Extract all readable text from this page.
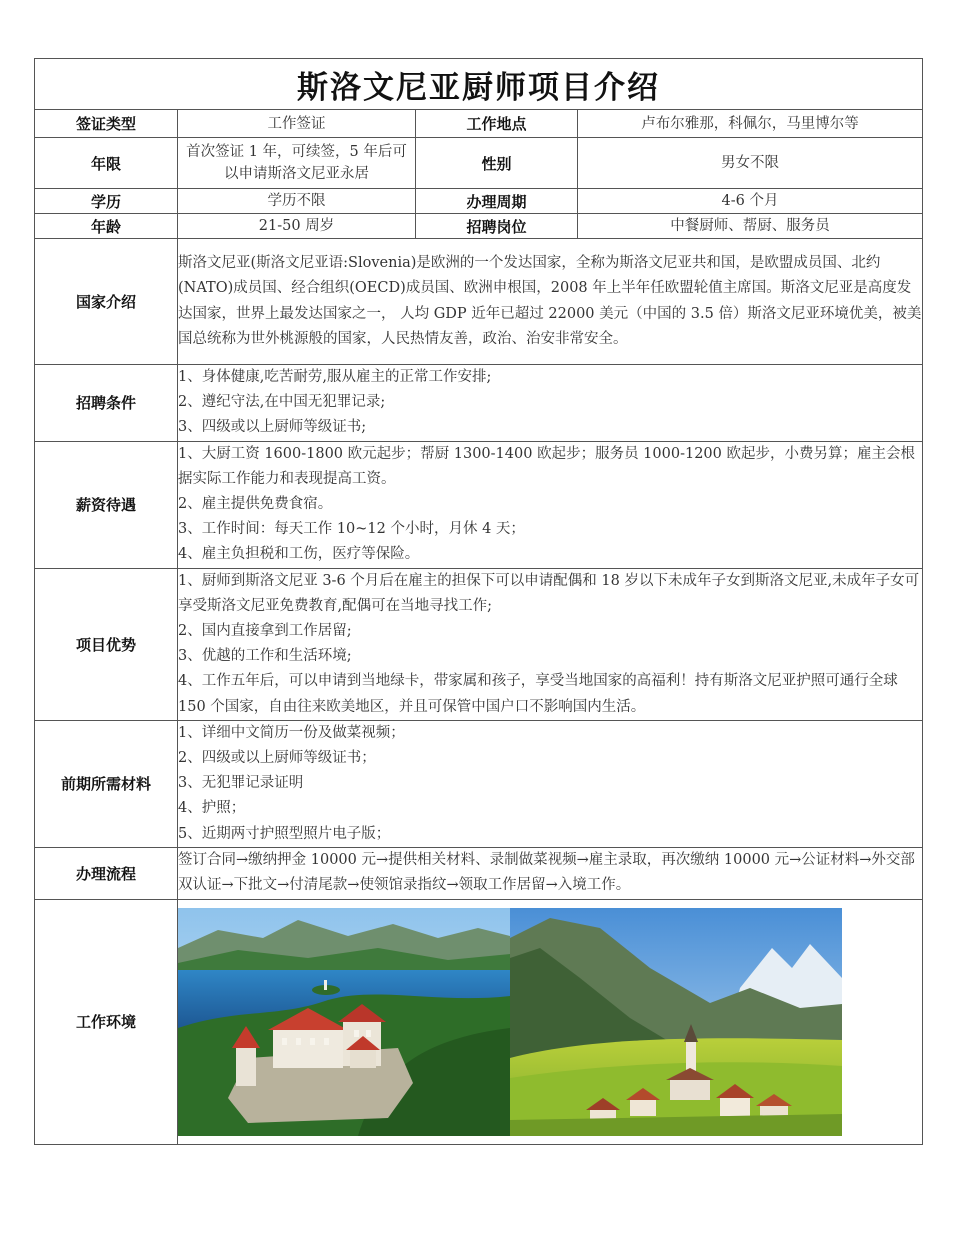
斯洛文尼亚厨师项目介绍			
签证类型	工作签证	工作地点	卢布尔雅那，科佩尔，马里博尔等
年限	首次签证 1 年，可续签，5 年后可以申请斯洛文尼亚永居	性别	男女不限
学历	学历不限	办理周期	4-6 个月
年龄	21-50 周岁	招聘岗位	中餐厨师、帮厨、服务员
国家介绍	斯洛文尼亚(斯洛文尼亚语:Slovenia)是欧洲的一个发达国家，全称为斯洛文尼亚共和国，是欧盟成员国、北约(NATO)成员国、经合组织(OECD)成员国、欧洲申根国，2008 年上半年任欧盟轮值主席国。斯洛文尼亚是高度发达国家，世界上最发达国家之一， 人均 GDP 近年已超过 22000 美元（中国的 3.5 倍）斯洛文尼亚环境优美，被美国总统称为世外桃源般的国家，人民热情友善，政治、治安非常安全。		
招聘条件	1、身体健康,吃苦耐劳,服从雇主的正常工作安排;
2、遵纪守法,在中国无犯罪记录;
3、四级或以上厨师等级证书;		

薪资待遇	1、大厨工资 1600-1800 欧元起步；帮厨 1300-1400 欧起步；服务员 1000-1200 欧起步，小费另算；雇主会根据实际工作能力和表现提高工资。
2、雇主提供免费食宿。
3、工作时间：每天工作 10~12 个小时，月休 4 天；
4、雇主负担税和工伤，医疗等保险。		

项目优势	1、厨师到斯洛文尼亚 3-6 个月后在雇主的担保下可以申请配偶和 18 岁以下未成年子女到斯洛文尼亚,未成年子女可享受斯洛文尼亚免费教育,配偶可在当地寻找工作;
2、国内直接拿到工作居留;
3、优越的工作和生活环境;
4、工作五年后，可以申请到当地绿卡，带家属和孩子，享受当地国家的高福利！持有斯洛文尼亚护照可通行全球 150 个国家，自由往来欧美地区，并且可保管中国户口不影响国内生活。		

前期所需材料	1、详细中文简历一份及做菜视频；
2、四级或以上厨师等级证书；
3、无犯罪记录证明
4、护照；
5、近期两寸护照型照片电子版；		

办理流程	签订合同→缴纳押金 10000 元→提供相关材料、录制做菜视频→雇主录取，再次缴纳 10000 元→公证材料→外交部双认证→下批文→付清尾款→使领馆录指纹→领取工作居留→入境工作。		
工作环境	
